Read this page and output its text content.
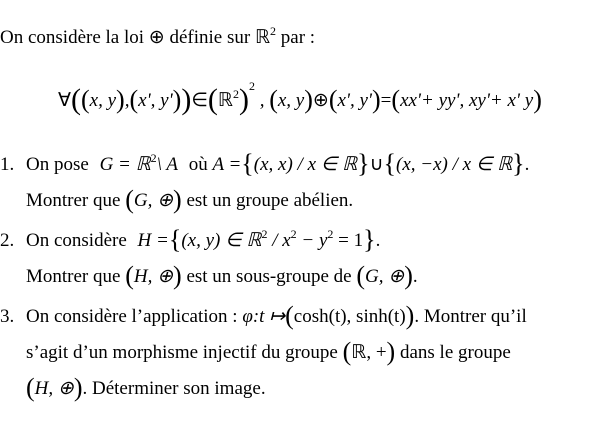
On considère la loi ⊕ définie sur ℝ$^2$ par :
∀((x, y),(x', y'))∈(ℝ$^2$)$^2$ , (x, y)⊕(x', y')=(xx'+ yy', xy'+ x' y)
1. On pose G = ℝ$^2$\ A où A ={(x, x) / x ∈ ℝ}∪{(x, −x) / x ∈ ℝ}.
Montrer que (G, ⊕) est un groupe abélien.
2. On considère H ={(x, y) ∈ ℝ$^2$ / $x^2 - y^2 = 1$}.
Montrer que (H, ⊕) est un sous-groupe de (G, ⊕).
3. On considère l’application : φ:t ↦(cosh(t), sinh(t)). Montrer qu’il
s’agit d’un morphisme injectif du groupe (ℝ, +) dans le groupe
(H, ⊕). Déterminer son image.
